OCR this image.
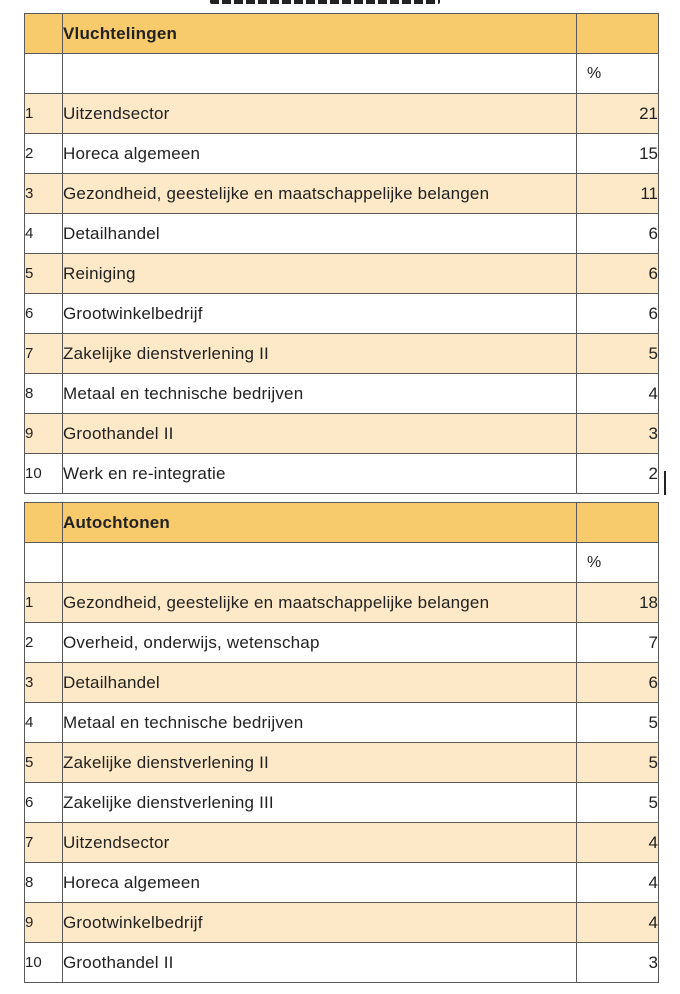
	Vluchtelingen	
		%
1	Uitzendsector	21
2	Horeca algemeen	15
3	Gezondheid, geestelijke en maatschappelijke belangen	11
4	Detailhandel	6
5	Reiniging	6
6	Grootwinkelbedrijf	6
7	Zakelijke dienstverlening II	5
8	Metaal en technische bedrijven	4
9	Groothandel II	3
10	Werk en re-integratie	2
	Autochtonen	
		%
1	Gezondheid, geestelijke en maatschappelijke belangen	18
2	Overheid, onderwijs, wetenschap	7
3	Detailhandel	6
4	Metaal en technische bedrijven	5
5	Zakelijke dienstverlening II	5
6	Zakelijke dienstverlening III	5
7	Uitzendsector	4
8	Horeca algemeen	4
9	Grootwinkelbedrijf	4
10	Groothandel II	3
